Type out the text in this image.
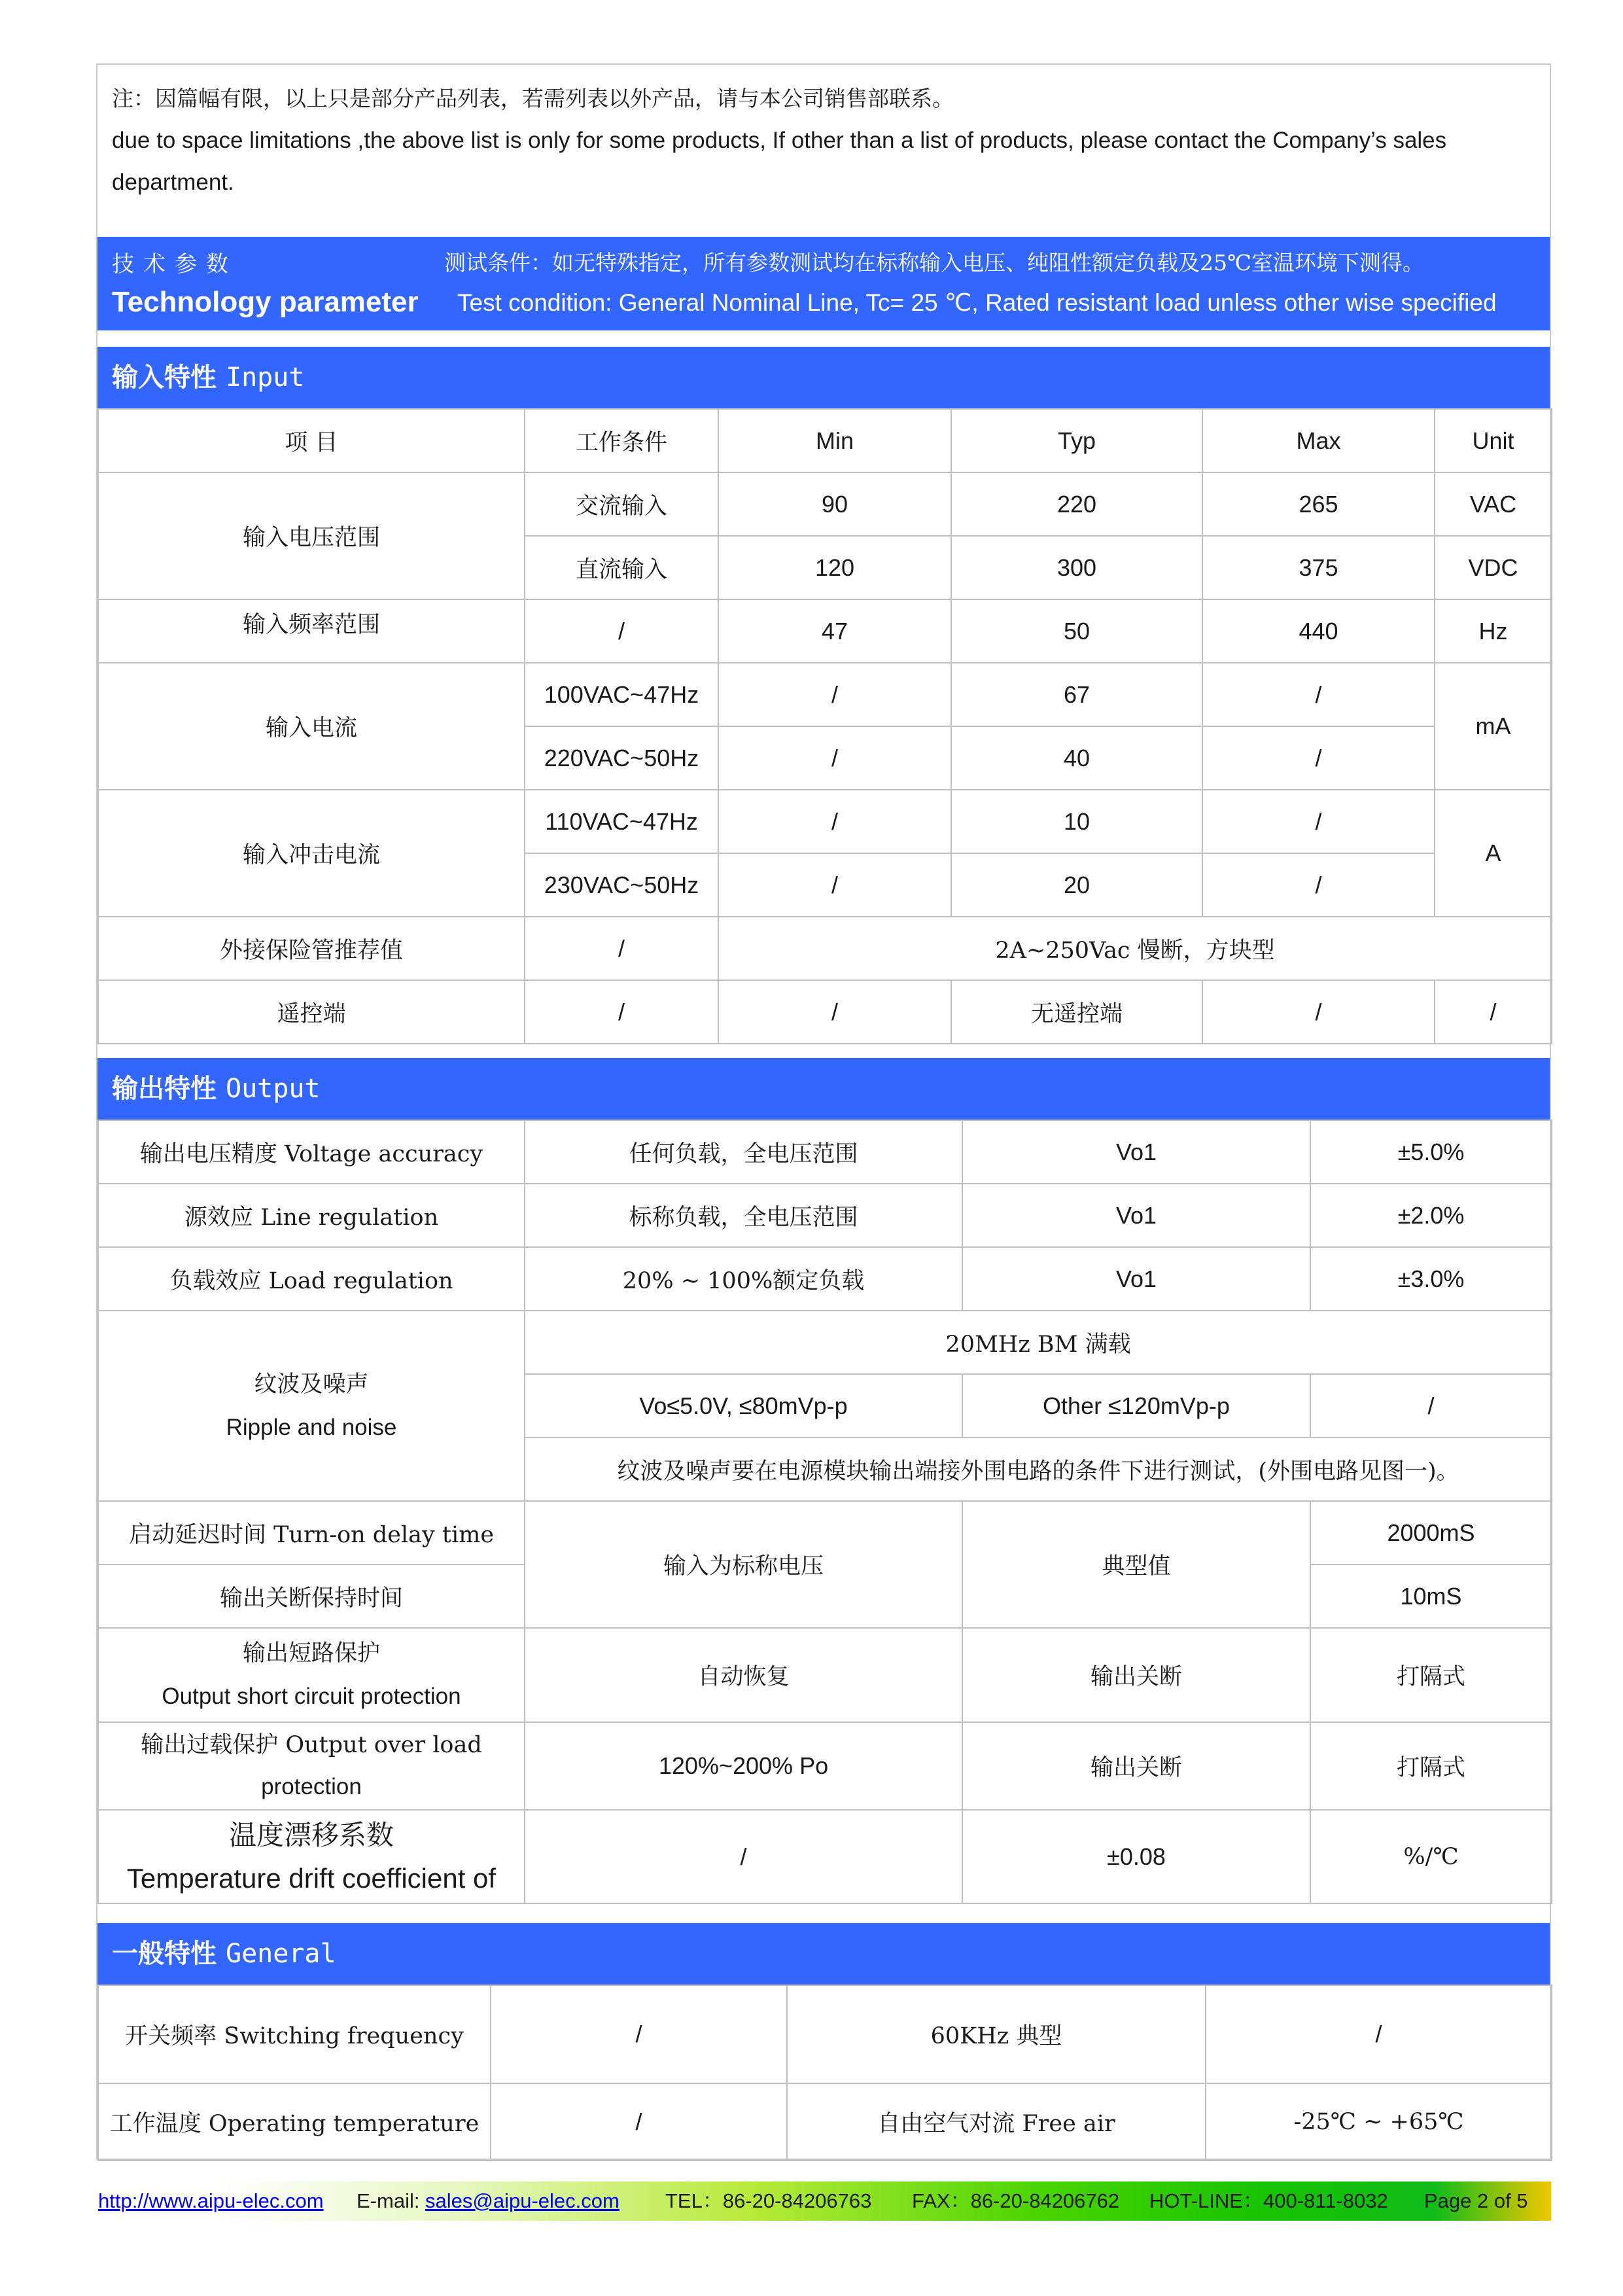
注：因篇幅有限，以上只是部分产品列表，若需列表以外产品，请与本公司销售部联系。
due to space limitations ,the above list is only for some products, If other than a list of products, please contact the Company’s sales
department.
技术参数
Technology parameter
测试条件：如无特殊指定，所有参数测试均在标称输入电压、纯阻性额定负载及25℃室温环境下测得。
Test condition: General Nominal Line, Tc= 25 ℃, Rated resistant load unless other wise specified
输入特性 Input
项 目	工作条件	Min	Typ	Max	Unit
输入电压范围	交流输入	90	220	265	VAC
	直流输入	120	300	375	VDC
输入频率范围	/	47	50	440	Hz
输入电流	100VAC~47Hz	/	67	/	mA
	220VAC~50Hz	/	40	/	
输入冲击电流	110VAC~47Hz	/	10	/	A
	230VAC~50Hz	/	20	/	
外接保险管推荐值	/	2A~250Vac 慢断，方块型			
遥控端	/	/	无遥控端	/	/
输出特性 Output
输出电压精度 Voltage accuracy	任何负载，全电压范围	Vo1	±5.0%
源效应 Line regulation	标称负载，全电压范围	Vo1	±2.0%
负载效应 Load regulation	20% ~ 100%额定负载	Vo1	±3.0%

纹波及噪声
Ripple and noise	20MHz BM 满载		
	Vo≤5.0V, ≤80mVp-p	Other ≤120mVp-p	/
	纹波及噪声要在电源模块输出端接外围电路的条件下进行测试，(外围电路见图一)。		
启动延迟时间 Turn-on delay time	输入为标称电压	典型值	2000mS
输出关断保持时间			10mS

输出短路保护
Output short circuit protection	自动恢复	输出关断	打隔式

输出过载保护 Output over load
protection	120%~200% Po	输出关断	打隔式

温度漂移系数
Temperature drift coefficient of	/	±0.08	%/℃
一般特性 General
开关频率 Switching frequency	/	60KHz 典型	/
工作温度 Operating temperature	/	自由空气对流 Free air	-25℃ ~ +65℃
http://www.aipu-elec.com E-mail: sales@aipu-elec.com TEL：86-20-84206763 FAX：86-20-84206762 HOT-LINE：400-811-8032 Page 2 of 5
